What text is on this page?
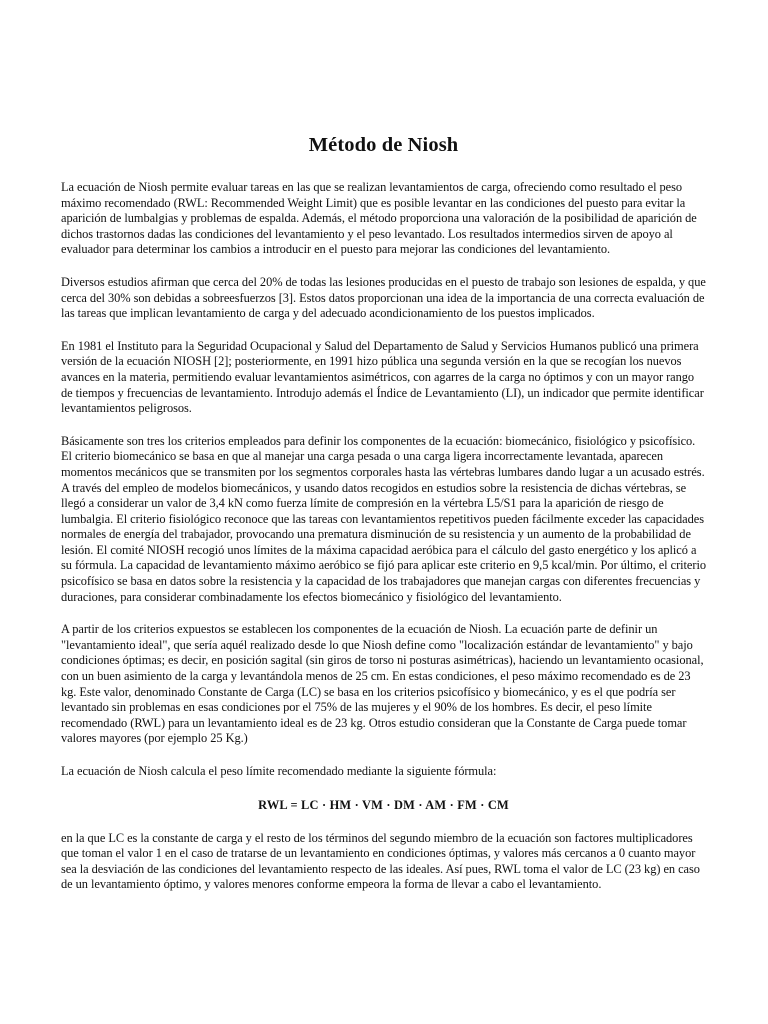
Método de Niosh

La ecuación de Niosh permite evaluar tareas en las que se realizan levantamientos de carga, ofreciendo como resultado el peso máximo recomendado (RWL: Recommended Weight Limit) que es posible levantar en las condiciones del puesto para evitar la aparición de lumbalgias y problemas de espalda. Además, el método proporciona una valoración de la posibilidad de aparición de dichos trastornos dadas las condiciones del levantamiento y el peso levantado. Los resultados intermedios sirven de apoyo al evaluador para determinar los cambios a introducir en el puesto para mejorar las condiciones del levantamiento.

Diversos estudios afirman que cerca del 20% de todas las lesiones producidas en el puesto de trabajo son lesiones de espalda, y que cerca del 30% son debidas a sobreesfuerzos [3]. Estos datos proporcionan una idea de la importancia de una correcta evaluación de las tareas que implican levantamiento de carga y del adecuado acondicionamiento de los puestos implicados.

En 1981 el Instituto para la Seguridad Ocupacional y Salud del Departamento de Salud y Servicios Humanos publicó una primera versión de la ecuación NIOSH [2]; posteriormente, en 1991 hizo pública una segunda versión en la que se recogían los nuevos avances en la materia, permitiendo evaluar levantamientos asimétricos, con agarres de la carga no óptimos y con un mayor rango de tiempos y frecuencias de levantamiento. Introdujo además el Índice de Levantamiento (LI), un indicador que permite identificar levantamientos peligrosos.

Básicamente son tres los criterios empleados para definir los componentes de la ecuación: biomecánico, fisiológico y psicofísico. El criterio biomecánico se basa en que al manejar una carga pesada o una carga ligera incorrectamente levantada, aparecen momentos mecánicos que se transmiten por los segmentos corporales hasta las vértebras lumbares dando lugar a un acusado estrés. A través del empleo de modelos biomecánicos, y usando datos recogidos en estudios sobre la resistencia de dichas vértebras, se llegó a considerar un valor de 3,4 kN como fuerza límite de compresión en la vértebra L5/S1 para la aparición de riesgo de lumbalgia. El criterio fisiológico reconoce que las tareas con levantamientos repetitivos pueden fácilmente exceder las capacidades normales de energía del trabajador, provocando una prematura disminución de su resistencia y un aumento de la probabilidad de lesión. El comité NIOSH recogió unos límites de la máxima capacidad aeróbica para el cálculo del gasto energético y los aplicó a su fórmula. La capacidad de levantamiento máximo aeróbico se fijó para aplicar este criterio en 9,5 kcal/min. Por último, el criterio psicofísico se basa en datos sobre la resistencia y la capacidad de los trabajadores que manejan cargas con diferentes frecuencias y duraciones, para considerar combinadamente los efectos biomecánico y fisiológico del levantamiento.

A partir de los criterios expuestos se establecen los componentes de la ecuación de Niosh. La ecuación parte de definir un "levantamiento ideal", que sería aquél realizado desde lo que Niosh define como "localización estándar de levantamiento" y bajo condiciones óptimas; es decir, en posición sagital (sin giros de torso ni posturas asimétricas), haciendo un levantamiento ocasional, con un buen asimiento de la carga y levantándola menos de 25 cm. En estas condiciones, el peso máximo recomendado es de 23 kg. Este valor, denominado Constante de Carga (LC) se basa en los criterios psicofísico y biomecánico, y es el que podría ser levantado sin problemas en esas condiciones por el 75% de las mujeres y el 90% de los hombres. Es decir, el peso límite recomendado (RWL) para un levantamiento ideal es de 23 kg. Otros estudio consideran que la Constante de Carga puede tomar valores mayores (por ejemplo 25 Kg.)

La ecuación de Niosh calcula el peso límite recomendado mediante la siguiente fórmula:

RWL = LC · HM · VM · DM · AM · FM · CM

en la que LC es la constante de carga y el resto de los términos del segundo miembro de la ecuación son factores multiplicadores que toman el valor 1 en el caso de tratarse de un levantamiento en condiciones óptimas, y valores más cercanos a 0 cuanto mayor sea la desviación de las condiciones del levantamiento respecto de las ideales. Así pues, RWL toma el valor de LC (23 kg) en caso de un levantamiento óptimo, y valores menores conforme empeora la forma de llevar a cabo el levantamiento.
